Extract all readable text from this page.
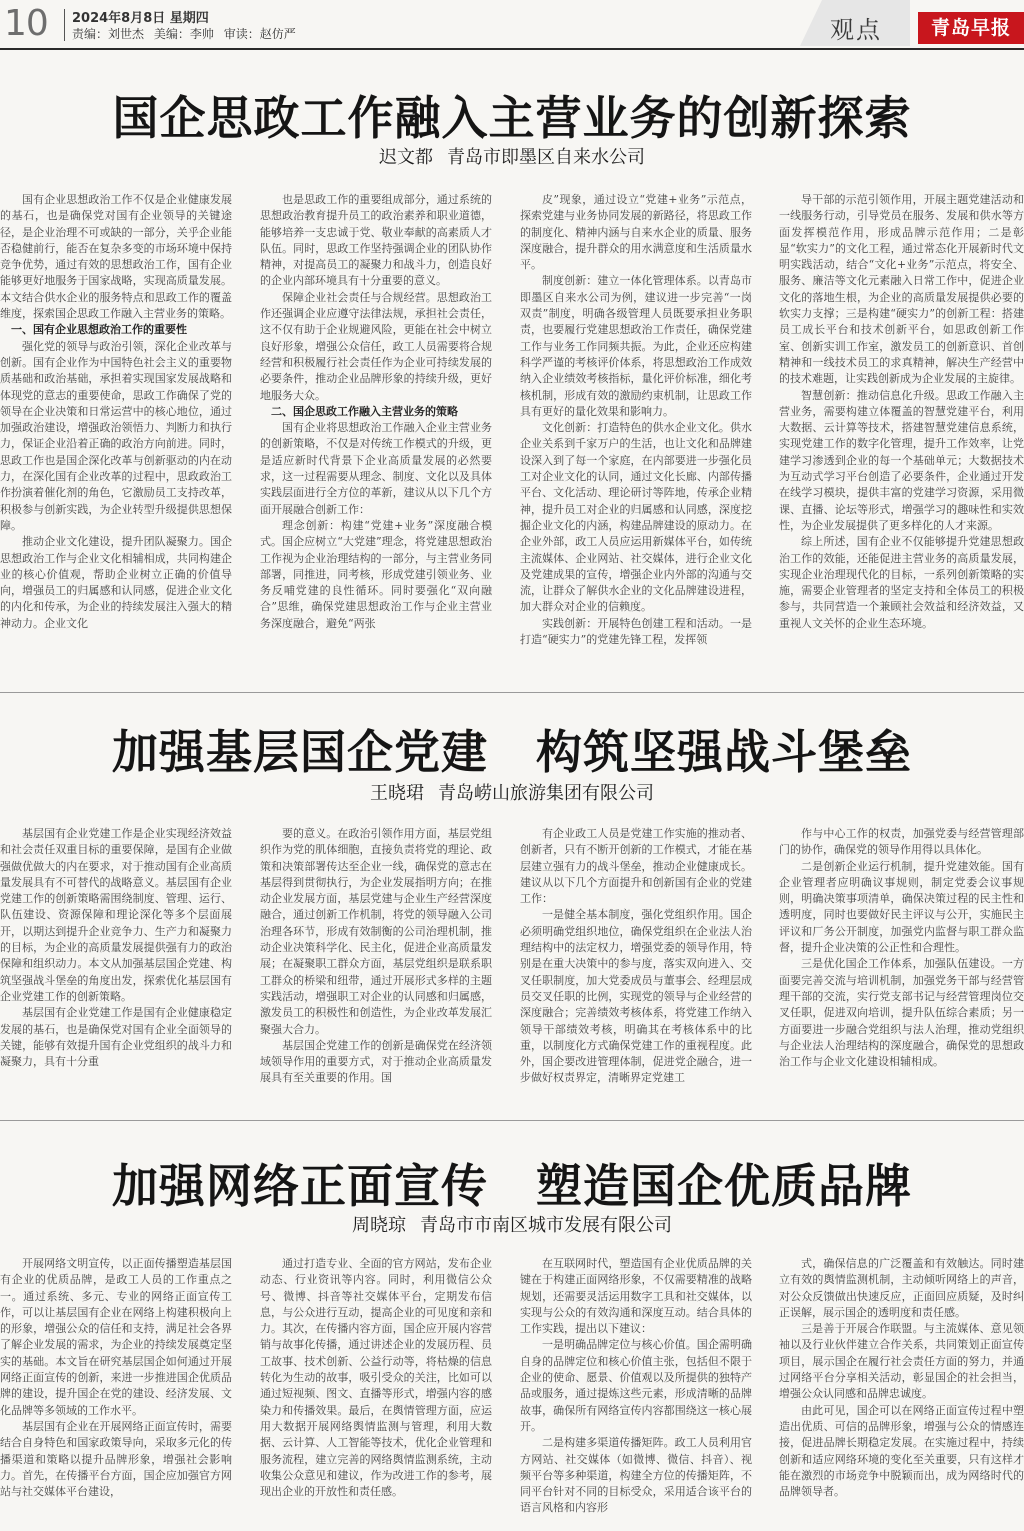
10	2024年8月8日 星期四
责编：刘世杰 美编：李帅 审读：赵仿严	观点	青岛早报
国企思政工作融入主营业务的创新探索
迟文都 青岛市即墨区自来水公司

国有企业思想政治工作不仅是企业健康发展的基石，也是确保党对国有企业领导的关键途径，是企业治理不可或缺的一部分，关乎企业能否稳健前行，能否在复杂多变的市场环境中保持竞争优势，通过有效的思想政治工作，国有企业能够更好地服务于国家战略，实现高质量发展。本文结合供水企业的服务特点和思政工作的覆盖维度，探索国企思政工作融入主营业务的策略。

一、国有企业思想政治工作的重要性

强化党的领导与政治引领，深化企业改革与创新。国有企业作为中国特色社会主义的重要物质基础和政治基础，承担着实现国家发展战略和体现党的意志的重要使命，思政工作确保了党的领导在企业决策和日常运营中的核心地位，通过加强政治建设，增强政治领悟力、判断力和执行力，保证企业沿着正确的政治方向前进。同时，思政工作也是国企深化改革与创新驱动的内在动力，在深化国有企业改革的过程中，思政政治工作扮演着催化剂的角色，它激励员工支持改革，积极参与创新实践，为企业转型升级提供思想保障。

推动企业文化建设，提升团队凝聚力。国企思想政治工作与企业文化相辅相成，共同构建企业的核心价值观，帮助企业树立正确的价值导向，增强员工的归属感和认同感，促进企业文化的内化和传承，为企业的持续发展注入强大的精神动力。企业文化

也是思政工作的重要组成部分，通过系统的思想政治教育提升员工的政治素养和职业道德，能够培养一支忠诚于党、敬业奉献的高素质人才队伍。同时，思政工作坚持强调企业的团队协作精神，对提高员工的凝聚力和战斗力，创造良好的企业内部环境具有十分重要的意义。

保障企业社会责任与合规经营。思想政治工作还强调企业应遵守法律法规，承担社会责任，这不仅有助于企业规避风险，更能在社会中树立良好形象，增强公众信任，政工人员需要将合规经营和积极履行社会责任作为企业可持续发展的必要条件，推动企业品牌形象的持续升级，更好地服务大众。

二、国企思政工作融入主营业务的策略

国有企业将思想政治工作融入企业主营业务的创新策略，不仅是对传统工作模式的升级，更是适应新时代背景下企业高质量发展的必然要求，这一过程需要从理念、制度、文化以及具体实践层面进行全方位的革新，建议从以下几个方面开展融合创新工作：

理念创新：构建“党建+业务”深度融合模式。国企应树立“大党建”理念，将党建思想政治工作视为企业治理结构的一部分，与主营业务同部署，同推进，同考核，形成党建引领业务、业务反哺党建的良性循环。同时要强化“双向融合”思维，确保党建思想政治工作与企业主营业务深度融合，避免“两张

皮”现象，通过设立“党建+业务”示范点，探索党建与业务协同发展的新路径，将思政工作的制度化、精神内涵与自来水企业的质量、服务深度融合，提升群众的用水满意度和生活质量水平。

制度创新：建立一体化管理体系。以青岛市即墨区自来水公司为例，建议进一步完善“一岗双责”制度，明确各级管理人员既要承担业务职责，也要履行党建思想政治工作责任，确保党建工作与业务工作同频共振。为此，企业还应构建科学严谨的考核评价体系，将思想政治工作成效纳入企业绩效考核指标，量化评价标准，细化考核机制，形成有效的激励约束机制，让思政工作具有更好的量化效果和影响力。

文化创新：打造特色的供水企业文化。供水企业关系到千家万户的生活，也让文化和品牌建设深入到了每一个家庭，在内部要进一步强化员工对企业文化的认同，通过文化长廊、内部传播平台、文化活动、理论研讨等阵地，传承企业精神，提升员工对企业的归属感和认同感，深度挖掘企业文化的内涵，构建品牌建设的原动力。在企业外部，政工人员应运用新媒体平台，如传统主流媒体、企业网站、社交媒体，进行企业文化及党建成果的宣传，增强企业内外部的沟通与交流，让群众了解供水企业的文化品牌建设进程，加大群众对企业的信赖度。

实践创新：开展特色创建工程和活动。一是打造“硬实力”的党建先锋工程，发挥领

导干部的示范引领作用，开展主题党建活动和一线服务行动，引导党员在服务、发展和供水等方面发挥模范作用，形成品牌示范作用；二是彰显“软实力”的文化工程，通过常态化开展新时代文明实践活动，结合“文化+业务”示范点，将安全、服务、廉洁等文化元素融入日常工作中，促进企业文化的落地生根，为企业的高质量发展提供必要的软实力支撑；三是构建“硬实力”的创新工程：搭建员工成长平台和技术创新平台，如思政创新工作室、创新实训工作室，激发员工的创新意识、首创精神和一线技术员工的求真精神，解决生产经营中的技术难题，让实践创新成为企业发展的主旋律。

智慧创新：推动信息化升级。思政工作融入主营业务，需要构建立体覆盖的智慧党建平台，利用大数据、云计算等技术，搭建智慧党建信息系统，实现党建工作的数字化管理，提升工作效率，让党建学习渗透到企业的每一个基础单元；大数据技术为互动式学习平台创造了必要条件，企业通过开发在线学习模块，提供丰富的党建学习资源，采用微课、直播、论坛等形式，增强学习的趣味性和实效性，为企业发展提供了更多样化的人才来源。

综上所述，国有企业不仅能够提升党建思想政治工作的效能，还能促进主营业务的高质量发展，实现企业治理现代化的目标，一系列创新策略的实施，需要企业管理者的坚定支持和全体员工的积极参与，共同营造一个兼顾社会效益和经济效益，又重视人文关怀的企业生态环境。

加强基层国企党建 构筑坚强战斗堡垒
王晓珺 青岛崂山旅游集团有限公司

基层国有企业党建工作是企业实现经济效益和社会责任双重目标的重要保障，是国有企业做强做优做大的内在要求，对于推动国有企业高质量发展具有不可替代的战略意义。基层国有企业党建工作的创新策略需围绕制度、管理、运行、队伍建设、资源保障和理论深化等多个层面展开，以期达到提升企业竞争力、生产力和凝聚力的目标，为企业的高质量发展提供强有力的政治保障和组织动力。本文从加强基层国企党建、构筑坚强战斗堡垒的角度出发，探索优化基层国有企业党建工作的创新策略。

基层国有企业党建工作是国有企业健康稳定发展的基石，也是确保党对国有企业全面领导的关键，能够有效提升国有企业党组织的战斗力和凝聚力，具有十分重

要的意义。在政治引领作用方面，基层党组织作为党的肌体细胞，直接负责将党的理论、政策和决策部署传达至企业一线，确保党的意志在基层得到贯彻执行，为企业发展指明方向；在推动企业发展方面，基层党建与企业生产经营深度融合，通过创新工作机制，将党的领导融入公司治理各环节，形成有效制衡的公司治理机制，推动企业决策科学化、民主化，促进企业高质量发展；在凝聚职工群众方面，基层党组织是联系职工群众的桥梁和纽带，通过开展形式多样的主题实践活动，增强职工对企业的认同感和归属感，激发员工的积极性和创造性，为企业改革发展汇聚强大合力。

基层国企党建工作的创新是确保党在经济领域领导作用的重要方式，对于推动企业高质量发展具有至关重要的作用。国

有企业政工人员是党建工作实施的推动者、创新者，只有不断开创新的工作模式，才能在基层建立强有力的战斗堡垒，推动企业健康成长。建议从以下几个方面提升和创新国有企业的党建工作：

一是健全基本制度，强化党组织作用。国企必须明确党组织地位，确保党组织在企业法人治理结构中的法定权力，增强党委的领导作用，特别是在重大决策中的参与度，落实双向进入、交叉任职制度，加大党委成员与董事会、经理层成员交叉任职的比例，实现党的领导与企业经营的深度融合；完善绩效考核体系，将党建工作纳入领导干部绩效考核，明确其在考核体系中的比重，以制度化方式确保党建工作的重视程度。此外，国企要改进管理体制，促进党企融合，进一步做好权责界定，清晰界定党建工

作与中心工作的权责，加强党委与经营管理部门的协作，确保党的领导作用得以具体化。

二是创新企业运行机制，提升党建效能。国有企业管理者应明确议事规则，制定党委会议事规则，明确决策事项清单，确保决策过程的民主性和透明度，同时也要做好民主评议与公开，实施民主评议和厂务公开制度，加强党内监督与职工群众监督，提升企业决策的公正性和合理性。

三是优化国企工作体系，加强队伍建设。一方面要完善交流与培训机制，加强党务干部与经营管理干部的交流，实行党支部书记与经营管理岗位交叉任职，促进双向培训，提升队伍综合素质；另一方面要进一步融合党组织与法人治理，推动党组织与企业法人治理结构的深度融合，确保党的思想政治工作与企业文化建设相辅相成。

加强网络正面宣传 塑造国企优质品牌
周晓琼 青岛市市南区城市发展有限公司

开展网络文明宣传，以正面传播塑造基层国有企业的优质品牌，是政工人员的工作重点之一。通过系统、多元、专业的网络正面宣传工作，可以让基层国有企业在网络上构建积极向上的形象，增强公众的信任和支持，满足社会各界了解企业发展的需求，为企业的持续发展奠定坚实的基础。本文旨在研究基层国企如何通过开展网络正面宣传的创新，来进一步推进国企优质品牌的建设，提升国企在党的建设、经济发展、文化品牌等多领域的工作水平。

基层国有企业在开展网络正面宣传时，需要结合自身特色和国家政策导向，采取多元化的传播渠道和策略以提升品牌形象，增强社会影响力。首先，在传播平台方面，国企应加强官方网站与社交媒体平台建设，

通过打造专业、全面的官方网站，发布企业动态、行业资讯等内容。同时，利用微信公众号、微博、抖音等社交媒体平台，定期发布信息，与公众进行互动，提高企业的可见度和亲和力。其次，在传播内容方面，国企应开展内容营销与故事化传播，通过讲述企业的发展历程、员工故事、技术创新、公益行动等，将枯燥的信息转化为生动的故事，吸引受众的关注，比如可以通过短视频、图文、直播等形式，增强内容的感染力和传播效果。最后，在舆情管理方面，应运用大数据开展网络舆情监测与管理，利用大数据、云计算、人工智能等技术，优化企业管理和服务流程，建立完善的网络舆情监测系统，主动收集公众意见和建议，作为改进工作的参考，展现出企业的开放性和责任感。

在互联网时代，塑造国有企业优质品牌的关键在于构建正面网络形象，不仅需要精准的战略规划，还需要灵活运用数字工具和社交媒体，以实现与公众的有效沟通和深度互动。结合具体的工作实践，提出以下建议：

一是明确品牌定位与核心价值。国企需明确自身的品牌定位和核心价值主张，包括但不限于企业的使命、愿景、价值观以及所提供的独特产品或服务，通过提炼这些元素，形成清晰的品牌故事，确保所有网络宣传内容都围绕这一核心展开。

二是构建多渠道传播矩阵。政工人员利用官方网站、社交媒体（如微博、微信、抖音）、视频平台等多种渠道，构建全方位的传播矩阵，不同平台针对不同的目标受众，采用适合该平台的语言风格和内容形

式，确保信息的广泛覆盖和有效触达。同时建立有效的舆情监测机制，主动倾听网络上的声音，对公众反馈做出快速反应，正面回应质疑，及时纠正误解，展示国企的透明度和责任感。

三是善于开展合作联盟。与主流媒体、意见领袖以及行业伙伴建立合作关系，共同策划正面宣传项目，展示国企在履行社会责任方面的努力，并通过网络平台分享相关活动，彰显国企的社会担当，增强公众认同感和品牌忠诚度。

由此可见，国企可以在网络正面宣传过程中塑造出优质、可信的品牌形象，增强与公众的情感连接，促进品牌长期稳定发展。在实施过程中，持续创新和适应网络环境的变化至关重要，只有这样才能在激烈的市场竞争中脱颖而出，成为网络时代的品牌领导者。
